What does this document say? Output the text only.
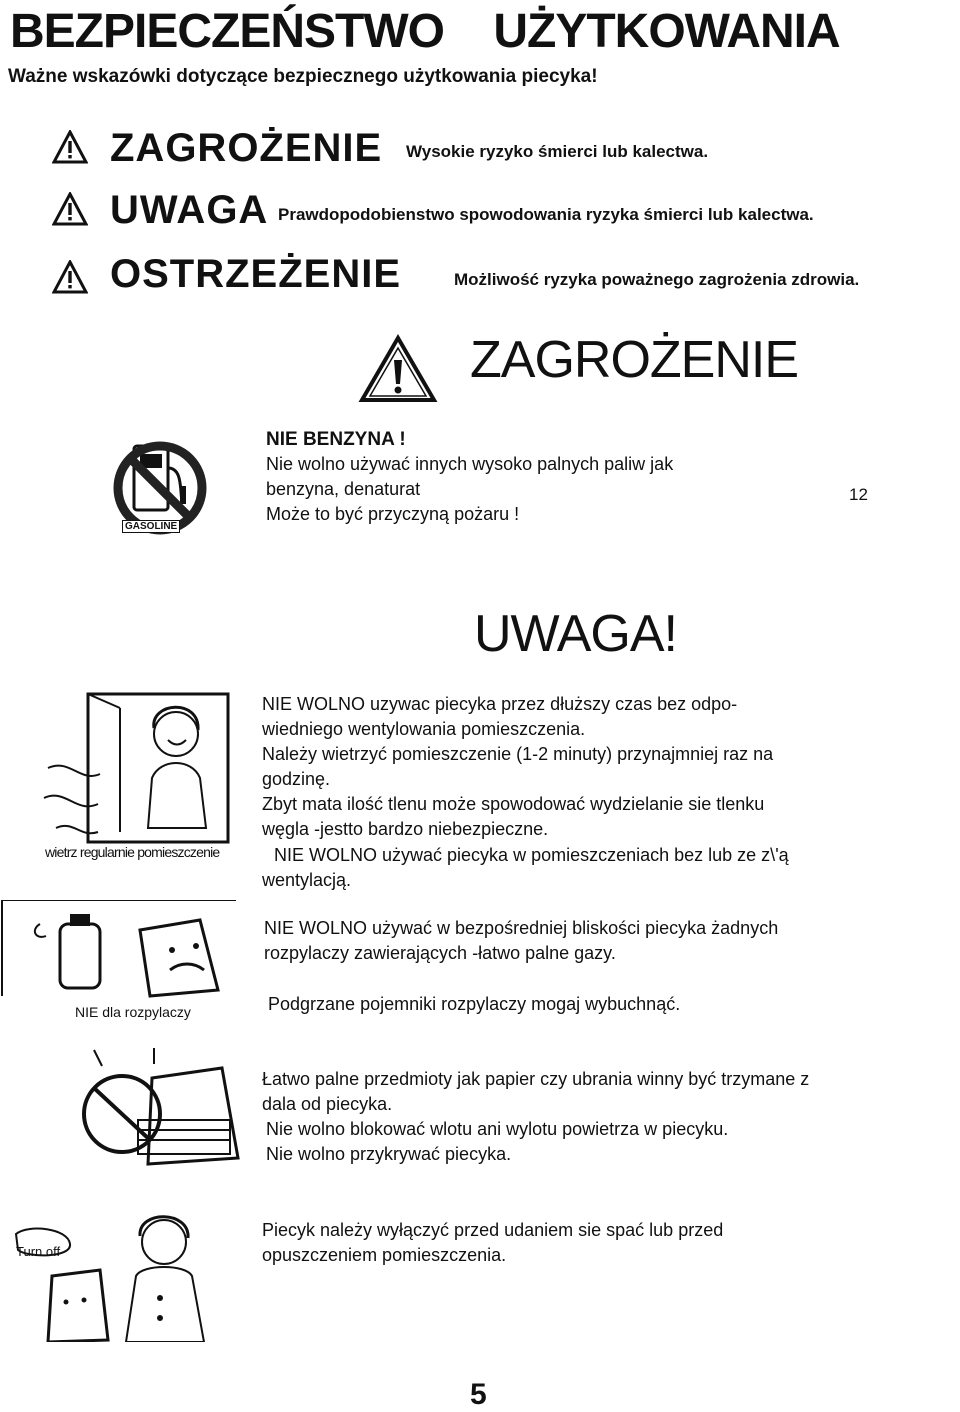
BEZPIECZEŃSTWO    UŻYTKOWANIA
Ważne wskazówki dotyczące bezpiecznego użytkowania piecyka!
ZAGROŻENIE Wysokie ryzyko śmierci lub kalectwa.
UWAGA Prawdopodobienstwo spowodowania ryzyka śmierci lub kalectwa.
OSTRZEŻENIE	Możliwość ryzyka poważnego zagrożenia zdrowia.
ZAGROŻENIE
GASOLINE

NIE BENZYNA !

Nie wolno używać innych wysoko palnych paliw jak

benzyna, denaturat

Może to być przyczyną pożaru !

12
UWAGA!
wietrz regularnie pomieszczenie

NIE WOLNO uzywac piecyka przez dłuższy czas bez odpo-

wiedniego wentylowania pomieszczenia.

Należy wietrzyć pomieszczenie (1-2 minuty) przynajmniej raz na

godzinę.

Zbyt mata ilość tlenu może spowodować wydzielanie sie tlenku

węgla -jestto bardzo niebezpieczne.

NIE WOLNO używać piecyka w pomieszczeniach bez lub ze z\'ą
wentylacją.
NIE dla rozpylaczy

NIE WOLNO używać w bezpośredniej bliskości piecyka żadnych

rozpylaczy zawierających -łatwo palne gazy.

Podgrzane pojemniki rozpylaczy mogaj wybuchnąć.

Łatwo palne przedmioty jak papier czy ubrania winny być trzymane z

dala od piecyka.

Nie wolno blokować wlotu ani wylotu powietrza w piecyku.

Nie wolno przykrywać piecyka.

Turn off

Piecyk należy wyłączyć przed udaniem sie spać lub przed

opuszczeniem pomieszczenia.

5
